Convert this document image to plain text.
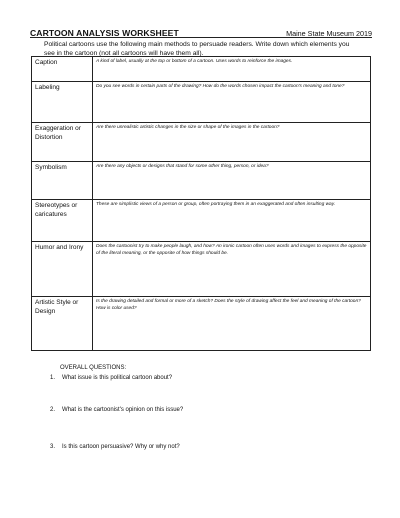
CARTOON ANALYSIS WORKSHEET	Maine State Museum 2019
Political cartoons use the following main methods to persuade readers. Write down which elements you see in the cartoon (not all cartoons will have them all).
Caption	A kind of label, usually at the top or bottom of a cartoon. Uses words to reinforce the images.
Labeling	Do you see words in certain parts of the drawing? How do the words chosen impact the cartoon's meaning and tone?
Exaggeration or Distortion	Are there unrealistic artistic changes in the size or shape of the images in the cartoon?
Symbolism	Are there any objects or designs that stand for some other thing, person, or idea?
Stereotypes or caricatures	These are simplistic views of a person or group, often portraying them in an exaggerated and often insulting way.
Humor and Irony	Does the cartoonist try to make people laugh, and how? An ironic cartoon often uses words and images to express the opposite of the literal meaning, or the opposite of how things should be.
Artistic Style or Design	Is the drawing detailed and formal or more of a sketch? Does the style of drawing affect the feel and meaning of the cartoon? How is color used?
OVERALL QUESTIONS:
1. What issue is this political cartoon about?
2. What is the cartoonist's opinion on this issue?
3. Is this cartoon persuasive? Why or why not?
